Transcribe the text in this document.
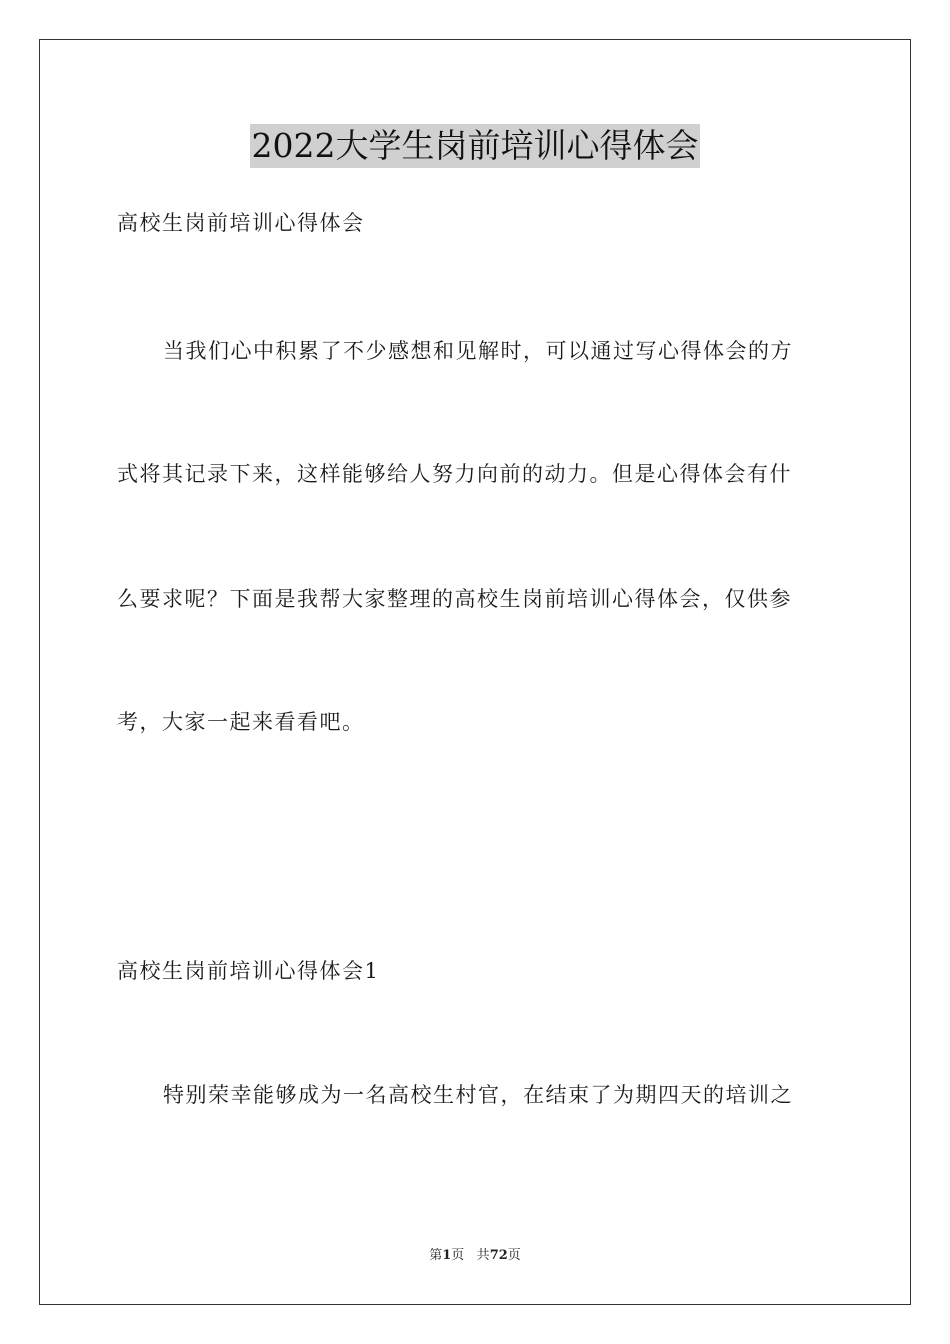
2022大学生岗前培训心得体会
高校生岗前培训心得体会
当我们心中积累了不少感想和见解时，可以通过写心得体会的方
式将其记录下来，这样能够给人努力向前的动力。但是心得体会有什
么要求呢？下面是我帮大家整理的高校生岗前培训心得体会，仅供参
考，大家一起来看看吧。
高校生岗前培训心得体会1
特别荣幸能够成为一名高校生村官，在结束了为期四天的培训之
第1页 共72页
